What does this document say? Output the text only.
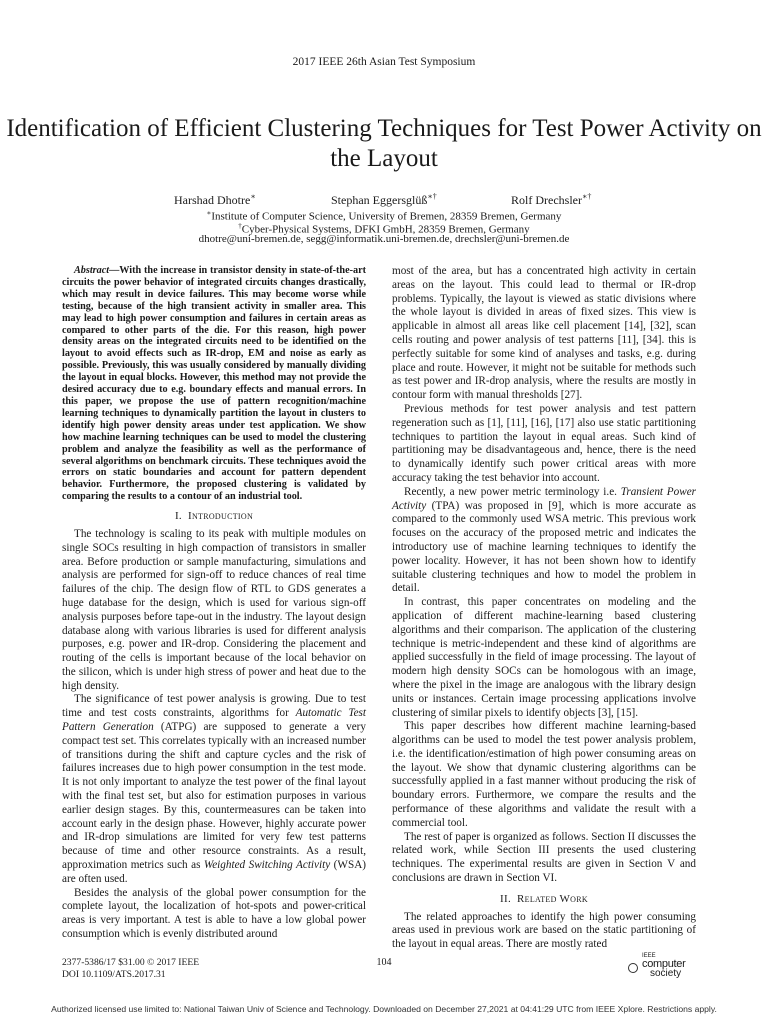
2017 IEEE 26th Asian Test Symposium
Identification of Efficient Clustering Techniques for Test Power Activity on the Layout
Harshad Dhotre∗	Stephan Eggersglüß∗†	Rolf Drechsler∗†
∗Institute of Computer Science, University of Bremen, 28359 Bremen, Germany
†Cyber-Physical Systems, DFKI GmbH, 28359 Bremen, Germany
dhotre@uni-bremen.de, segg@informatik.uni-bremen.de, drechsler@uni-bremen.de

Abstract—With the increase in transistor density in state-of-the-art circuits the power behavior of integrated circuits changes drastically, which may result in device failures. This may become worse while testing, because of the high transient activity in smaller area. This may lead to high power consumption and failures in certain areas as compared to other parts of the die. For this reason, high power density areas on the integrated circuits need to be identified on the layout to avoid effects such as IR-drop, EM and noise as early as possible. Previously, this was usually considered by manually dividing the layout in equal blocks. However, this method may not provide the desired accuracy due to e.g. boundary effects and manual errors. In this paper, we propose the use of pattern recognition/machine learning techniques to dynamically partition the layout in clusters to identify high power density areas under test application. We show how machine learning techniques can be used to model the clustering problem and analyze the feasibility as well as the performance of several algorithms on benchmark circuits. These techniques avoid the errors on static boundaries and account for pattern dependent behavior. Furthermore, the proposed clustering is validated by comparing the results to a contour of an industrial tool.

I. Introduction

The technology is scaling to its peak with multiple modules on single SOCs resulting in high compaction of transistors in smaller area. Before production or sample manufacturing, simulations and analysis are performed for sign-off to reduce chances of real time failures of the chip. The design flow of RTL to GDS generates a huge database for the design, which is used for various sign-off analysis purposes before tape-out in the industry. The layout design database along with various libraries is used for different analysis purposes, e.g. power and IR-drop. Considering the placement and routing of the cells is important because of the local behavior on the silicon, which is under high stress of power and heat due to the high density.

The significance of test power analysis is growing. Due to test time and test costs constraints, algorithms for Automatic Test Pattern Generation (ATPG) are supposed to generate a very compact test set. This correlates typically with an increased number of transitions during the shift and capture cycles and the risk of failures increases due to high power consumption in the test mode. It is not only important to analyze the test power of the final layout with the final test set, but also for estimation purposes in various earlier design stages. By this, countermeasures can be taken into account early in the design phase. However, highly accurate power and IR-drop simulations are limited for very few test patterns because of time and other resource constraints. As a result, approximation metrics such as Weighted Switching Activity (WSA) are often used.

Besides the analysis of the global power consumption for the complete layout, the localization of hot-spots and power-critical areas is very important. A test is able to have a low global power consumption which is evenly distributed around

most of the area, but has a concentrated high activity in certain areas on the layout. This could lead to thermal or IR-drop problems. Typically, the layout is viewed as static divisions where the whole layout is divided in areas of fixed sizes. This view is applicable in almost all areas like cell placement [14], [32], scan cells routing and power analysis of test patterns [11], [34]. this is perfectly suitable for some kind of analyses and tasks, e.g. during place and route. However, it might not be suitable for methods such as test power and IR-drop analysis, where the results are mostly in contour form with manual thresholds [27].

Previous methods for test power analysis and test pattern regeneration such as [1], [11], [16], [17] also use static partitioning techniques to partition the layout in equal areas. Such kind of partitioning may be disadvantageous and, hence, there is the need to dynamically identify such power critical areas with more accuracy taking the test behavior into account.

Recently, a new power metric terminology i.e. Transient Power Activity (TPA) was proposed in [9], which is more accurate as compared to the commonly used WSA metric. This previous work focuses on the accuracy of the proposed metric and indicates the introductory use of machine learning techniques to identify the power locality. However, it has not been shown how to identify suitable clustering techniques and how to model the problem in detail.

In contrast, this paper concentrates on modeling and the application of different machine-learning based clustering algorithms and their comparison. The application of the clustering technique is metric-independent and these kind of algorithms are applied successfully in the field of image processing. The layout of modern high density SOCs can be homologous with an image, where the pixel in the image are analogous with the library design units or instances. Certain image processing applications involve clustering of similar pixels to identify objects [3], [15].

This paper describes how different machine learning-based algorithms can be used to model the test power analysis problem, i.e. the identification/estimation of high power consuming areas on the layout. We show that dynamic clustering algorithms can be successfully applied in a fast manner without producing the risk of boundary errors. Furthermore, we compare the results and the performance of these algorithms and validate the result with a commercial tool.

The rest of paper is organized as follows. Section II discusses the related work, while Section III presents the used clustering techniques. The experimental results are given in Section V and conclusions are drawn in Section VI.

II. Related Work

The related approaches to identify the high power consuming areas used in previous work are based on the static partitioning of the layout in equal areas. There are mostly rated

2377-5386/17 $31.00 © 2017 IEEE
DOI 10.1109/ATS.2017.31
104
IEEE
computer
society
Authorized licensed use limited to: National Taiwan Univ of Science and Technology. Downloaded on December 27,2021 at 04:41:29 UTC from IEEE Xplore. Restrictions apply.
